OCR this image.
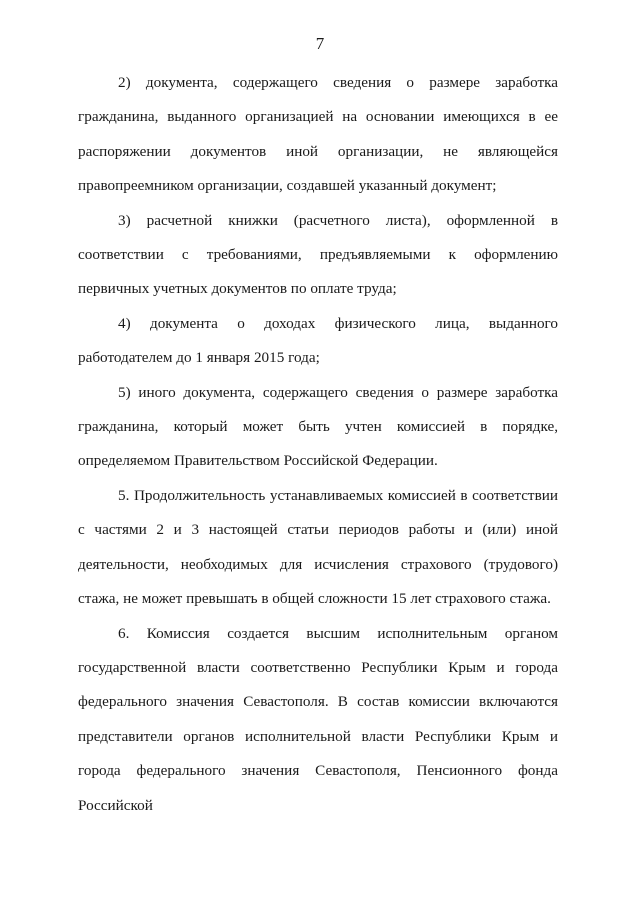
7

2) документа, содержащего сведения о размере заработка гражданина, выданного организацией на основании имеющихся в ее распоряжении документов иной организации, не являющейся правопреемником организации, создавшей указанный документ;

3) расчетной книжки (расчетного листа), оформленной в соответствии с требованиями, предъявляемыми к оформлению первичных учетных документов по оплате труда;

4) документа о доходах физического лица, выданного работодателем до 1 января 2015 года;

5) иного документа, содержащего сведения о размере заработка гражданина, который может быть учтен комиссией в порядке, определяемом Правительством Российской Федерации.

5. Продолжительность устанавливаемых комиссией в соответствии с частями 2 и 3 настоящей статьи периодов работы и (или) иной деятельности, необходимых для исчисления страхового (трудового) стажа, не может превышать в общей сложности 15 лет страхового стажа.

6. Комиссия создается высшим исполнительным органом государственной власти соответственно Республики Крым и города федерального значения Севастополя. В состав комиссии включаются представители органов исполнительной власти Республики Крым и города федерального значения Севастополя, Пенсионного фонда Российской
